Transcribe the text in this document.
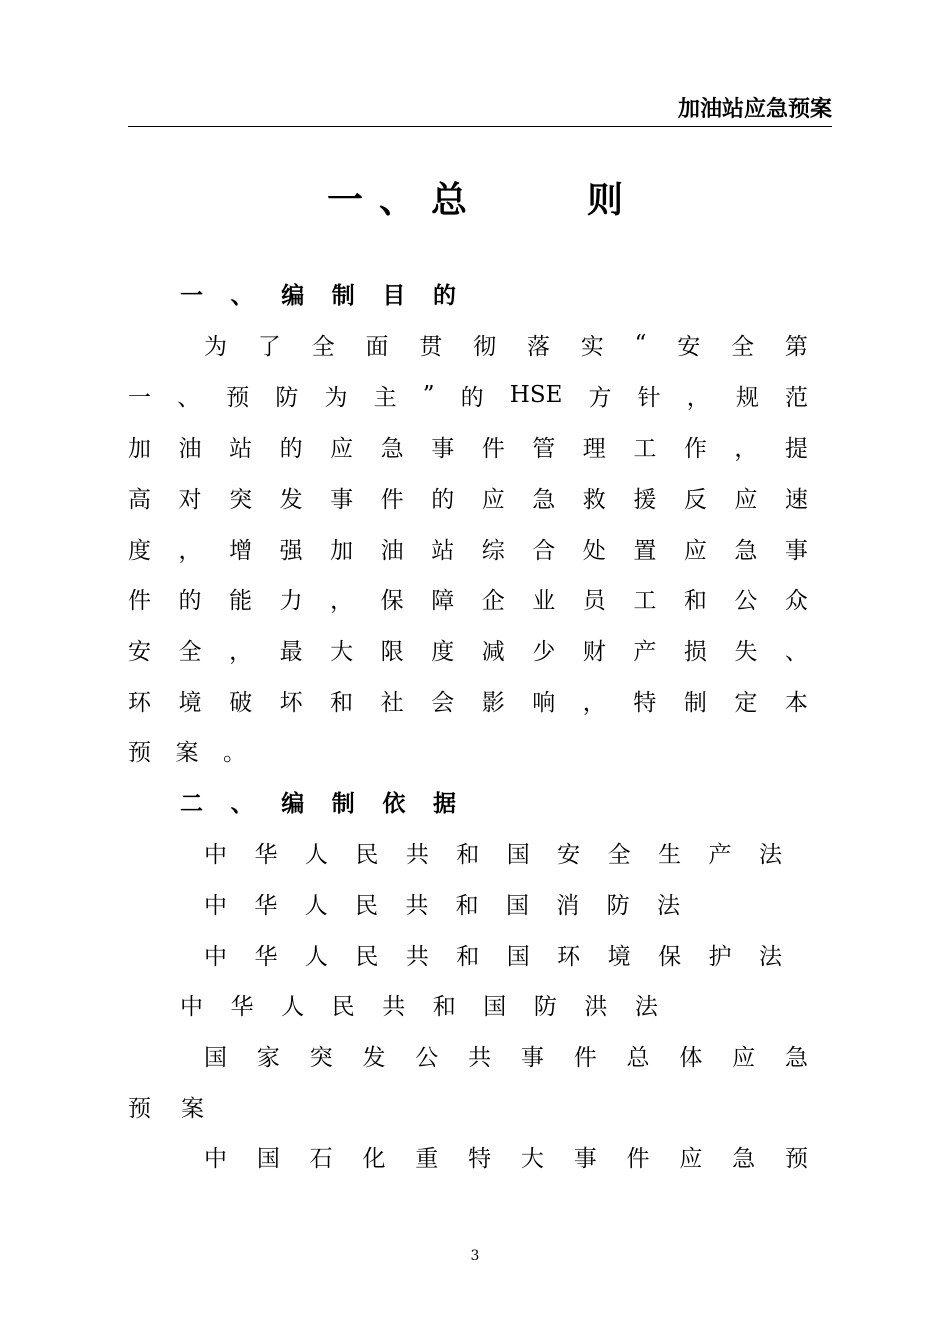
加油站应急预案
一 、 总　　	则
一 、 编 制 目 的
为 了 全 面 贯 彻 落 实 “ 安 全 第
一 、 预 防 为 主 ” 的 HSE 方 针 ， 规 范
加 油 站 的 应 急 事 件 管 理 工 作 ， 提
高 对 突 发 事 件 的 应 急 救 援 反 应 速
度 ， 增 强 加 油 站 综 合 处 置 应 急 事
件 的 能 力 ， 保 障 企 业 员 工 和 公 众
安 全 ， 最 大 限 度 减 少 财 产 损 失 、
环 境 破 坏 和 社 会 影 响 ， 特 制 定 本
预 案 。
二 、 编 制 依 据
中 华 人 民 共 和 国 安 全 生 产 法
中 华 人 民 共 和 国 消 防 法
中 华 人 民 共 和 国 环 境 保 护 法
中 华 人 民 共 和 国 防 洪 法
国 家 突 发 公 共 事 件 总 体 应 急
预 案
中 国 石 化 重 特 大 事 件 应 急 预
3
